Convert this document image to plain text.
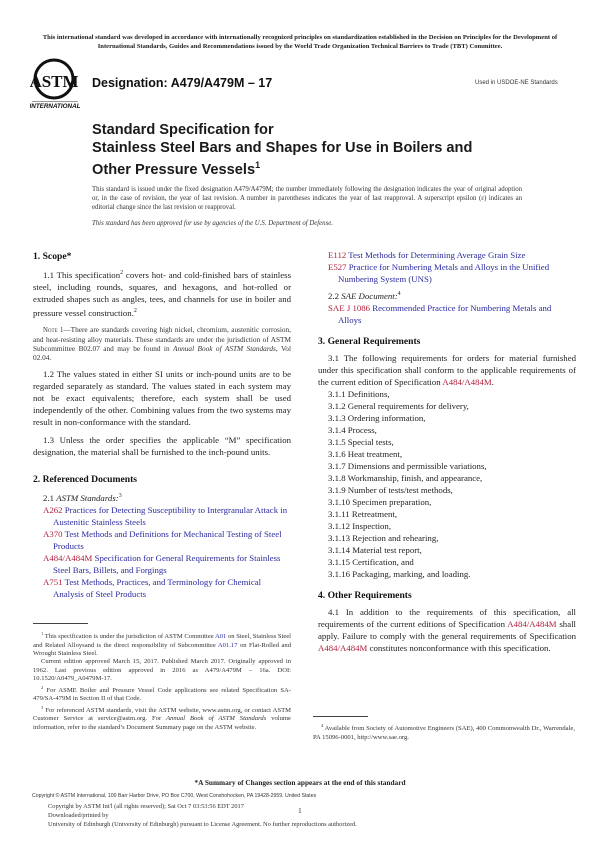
This international standard was developed in accordance with internationally recognized principles on standardization established in the Decision on Principles for the Development of International Standards, Guides and Recommendations issued by the World Trade Organization Technical Barriers to Trade (TBT) Committee.
ASTM
INTERNATIONAL
Designation: A479/A479M – 17	Used in USDOE-NE Standards
Standard Specification for
Stainless Steel Bars and Shapes for Use in Boilers and
Other Pressure Vessels$^1$
This standard is issued under the fixed designation A479/A479M; the number immediately following the designation indicates the year of original adoption or, in the case of revision, the year of last revision. A number in parentheses indicates the year of last reapproval. A superscript epsilon (ε) indicates an editorial change since the last revision or reapproval.
This standard has been approved for use by agencies of the U.S. Department of Defense.
1. Scope*

1.1 This specification$^2$ covers hot- and cold-finished bars of stainless steel, including rounds, squares, and hexagons, and hot-rolled or extruded shapes such as angles, tees, and channels for use in boiler and pressure vessel construction.$^2$

Note 1—There are standards covering high nickel, chromium, austenitic corrosion, and heat-resisting alloy materials. These standards are under the jurisdiction of ASTM Subcommittee B02.07 and may be found in Annual Book of ASTM Standards, Vol 02.04.

1.2 The values stated in either SI units or inch-pound units are to be regarded separately as standard. The values stated in each system may not be exact equivalents; therefore, each system shall be used independently of the other. Combining values from the two systems may result in non-conformance with the standard.

1.3 Unless the order specifies the applicable “M” specification designation, the material shall be furnished to the inch-pound units.

2. Referenced Documents
2.1 ASTM Standards:$^3$
A262 Practices for Detecting Susceptibility to Intergranular Attack in Austenitic Stainless Steels
A370 Test Methods and Definitions for Mechanical Testing of Steel Products
A484/A484M Specification for General Requirements for Stainless Steel Bars, Billets, and Forgings
A751 Test Methods, Practices, and Terminology for Chemical Analysis of Steel Products

$^1$ This specification is under the jurisdiction of ASTM Committee A01 on Steel, Stainless Steel and Related Alloysand is the direct responsibility of Subcommittee A01.17 on Flat-Rolled and Wrought Stainless Steel.

Current edition approved March 15, 2017. Published March 2017. Originally approved in 1962. Last previous edition approved in 2016 as A479/A479M – 16a. DOI: 10.1520/A0479_A0479M-17.

$^2$ For ASME Boiler and Pressure Vessel Code applications see related Specification SA-479/SA-479M in Section II of that Code.

$^3$ For referenced ASTM standards, visit the ASTM website, www.astm.org, or contact ASTM Customer Service at service@astm.org. For Annual Book of ASTM Standards volume information, refer to the standard’s Document Summary page on the ASTM website.

E112 Test Methods for Determining Average Grain Size
E527 Practice for Numbering Metals and Alloys in the Unified Numbering System (UNS)
2.2 SAE Document:$^4$
SAE J 1086 Recommended Practice for Numbering Metals and Alloys
3. General Requirements

3.1 The following requirements for orders for material furnished under this specification shall conform to the applicable requirements of the current edition of Specification A484/A484M.

3.1.1 Definitions,
3.1.2 General requirements for delivery,
3.1.3 Ordering information,
3.1.4 Process,
3.1.5 Special tests,
3.1.6 Heat treatment,
3.1.7 Dimensions and permissible variations,
3.1.8 Workmanship, finish, and appearance,
3.1.9 Number of tests/test methods,
3.1.10 Specimen preparation,
3.1.11 Retreatment,
3.1.12 Inspection,
3.1.13 Rejection and rehearing,
3.1.14 Material test report,
3.1.15 Certification, and
3.1.16 Packaging, marking, and loading.
4. Other Requirements

4.1 In addition to the requirements of this specification, all requirements of the current editions of Specification A484/A484M shall apply. Failure to comply with the general requirements of Specification A484/A484M constitutes nonconformance with this specification.

$^4$ Available from Society of Automotive Engineers (SAE), 400 Commonwealth Dr., Warrendale, PA 15096-0001, http://www.sae.org.

*A Summary of Changes section appears at the end of this standard
Copyright © ASTM International, 100 Barr Harbor Drive, PO Box C700, West Conshohocken, PA 19428-2959. United States
Copyright by ASTM Int'l (all rights reserved); Sat Oct 7 03:53:56 EDT 2017
Downloaded/printed by
University of Edinburgh (University of Edinburgh) pursuant to License Agreement. No further reproductions authorized.
1
